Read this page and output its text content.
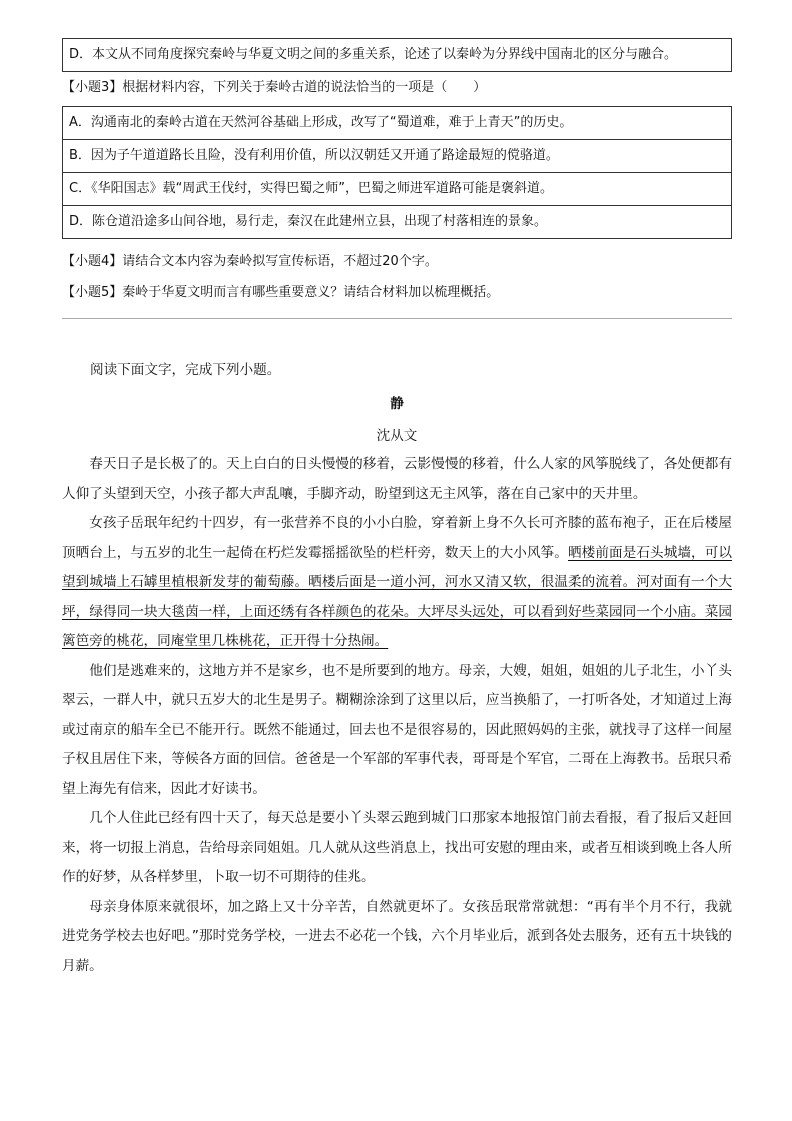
D．本文从不同角度探究秦岭与华夏文明之间的多重关系，论述了以秦岭为分界线中国南北的区分与融合。
【小题3】根据材料内容，下列关于秦岭古道的说法恰当的一项是（　　）
A．沟通南北的秦岭古道在天然河谷基础上形成，改写了“蜀道难，难于上青天”的历史。
B．因为子午道道路长且险，没有利用价值，所以汉朝廷又开通了路途最短的傥骆道。
C．《华阳国志》载“周武王伐纣，实得巴蜀之师”，巴蜀之师进军道路可能是褒斜道。
D．陈仓道沿途多山间谷地，易行走，秦汉在此建州立县，出现了村落相连的景象。
【小题4】请结合文本内容为秦岭拟写宣传标语，不超过20个字。
【小题5】秦岭于华夏文明而言有哪些重要意义？请结合材料加以梳理概括。
阅读下面文字，完成下列小题。
静
沈从文

春天日子是长极了的。天上白白的日头慢慢的移着，云影慢慢的移着，什么人家的风筝脱线了，各处便都有人仰了头望到天空，小孩子都大声乱嚷，手脚齐动，盼望到这无主风筝，落在自己家中的天井里。

女孩子岳珉年纪约十四岁，有一张营养不良的小小白脸，穿着新上身不久长可齐膝的蓝布袍子，正在后楼屋顶晒台上，与五岁的北生一起倚在朽烂发霉摇摇欲坠的栏杆旁，数天上的大小风筝。晒楼前面是石头城墙，可以望到城墙上石罅里植根新发芽的葡萄藤。晒楼后面是一道小河，河水又清又软，很温柔的流着。河对面有一个大坪，绿得同一块大毯茵一样，上面还绣有各样颜色的花朵。大坪尽头远处，可以看到好些菜园同一个小庙。菜园篱笆旁的桃花，同庵堂里几株桃花，正开得十分热闹。

他们是逃难来的，这地方并不是家乡，也不是所要到的地方。母亲，大嫂，姐姐，姐姐的儿子北生，小丫头翠云，一群人中，就只五岁大的北生是男子。糊糊涂涂到了这里以后，应当换船了，一打听各处，才知道过上海或过南京的船车全已不能开行。既然不能通过，回去也不是很容易的，因此照妈妈的主张，就找寻了这样一间屋子权且居住下来，等候各方面的回信。爸爸是一个军部的军事代表，哥哥是个军官，二哥在上海教书。岳珉只希望上海先有信来，因此才好读书。

几个人住此已经有四十天了，每天总是要小丫头翠云跑到城门口那家本地报馆门前去看报，看了报后又赶回来，将一切报上消息，告给母亲同姐姐。几人就从这些消息上，找出可安慰的理由来，或者互相谈到晚上各人所作的好梦，从各样梦里，卜取一切不可期待的佳兆。

母亲身体原来就很坏，加之路上又十分辛苦，自然就更坏了。女孩岳珉常常就想：“再有半个月不行，我就进党务学校去也好吧。”那时党务学校，一进去不必花一个钱，六个月毕业后，派到各处去服务，还有五十块钱的月薪。
